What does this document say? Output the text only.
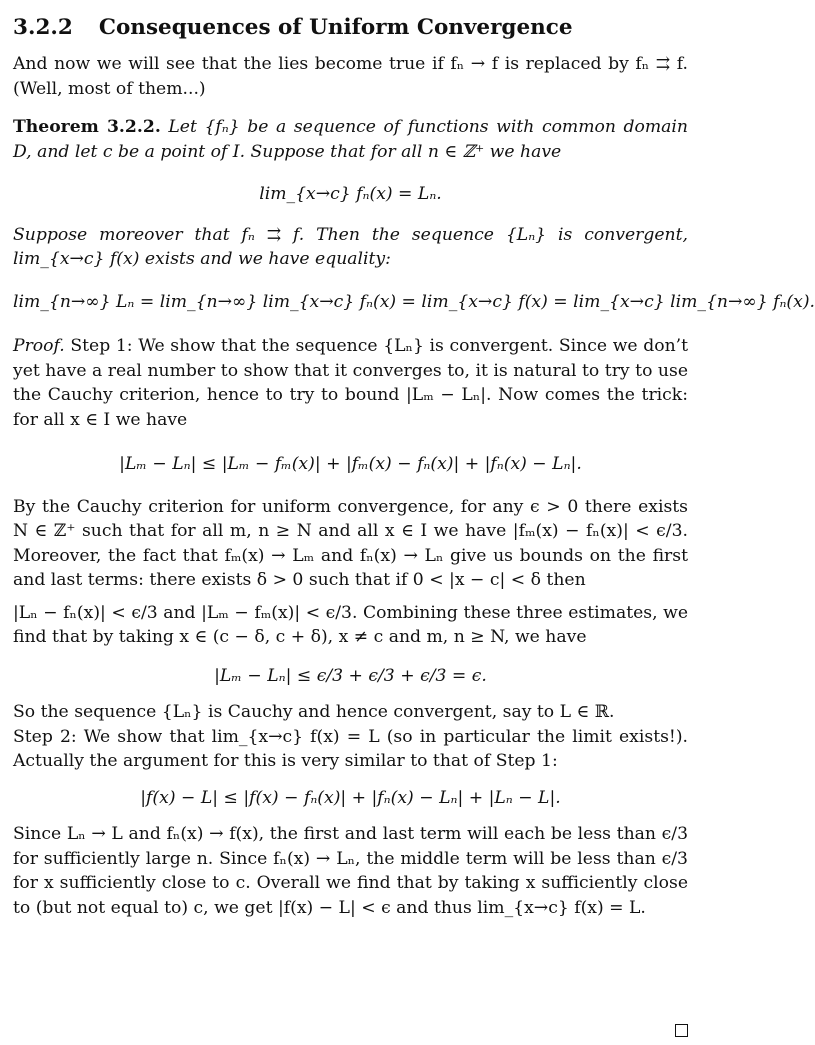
3.2.2 Consequences of Uniform Convergence

And now we will see that the lies become true if fₙ → f is replaced by fₙ ⇉ f. (Well, most of them...)

Theorem 3.2.2. Let {fₙ} be a sequence of functions with common domain D, and let c be a point of I. Suppose that for all n ∈ ℤ⁺ we have

lim_{x→c} fₙ(x) = Lₙ.

Suppose moreover that fₙ ⇉ f. Then the sequence {Lₙ} is convergent, lim_{x→c} f(x) exists and we have equality:

lim_{n→∞} Lₙ = lim_{n→∞} lim_{x→c} fₙ(x) = lim_{x→c} f(x) = lim_{x→c} lim_{n→∞} fₙ(x).

Proof. Step 1: We show that the sequence {Lₙ} is convergent. Since we don’t yet have a real number to show that it converges to, it is natural to try to use the Cauchy criterion, hence to try to bound |Lₘ − Lₙ|. Now comes the trick: for all x ∈ I we have

|Lₘ − Lₙ| ≤ |Lₘ − fₘ(x)| + |fₘ(x) − fₙ(x)| + |fₙ(x) − Lₙ|.

By the Cauchy criterion for uniform convergence, for any ϵ > 0 there exists N ∈ ℤ⁺ such that for all m, n ≥ N and all x ∈ I we have |fₘ(x) − fₙ(x)| < ϵ/3. Moreover, the fact that fₘ(x) → Lₘ and fₙ(x) → Lₙ give us bounds on the first and last terms: there exists δ > 0 such that if 0 < |x − c| < δ then

|Lₙ − fₙ(x)| < ϵ/3 and |Lₘ − fₘ(x)| < ϵ/3. Combining these three estimates, we find that by taking x ∈ (c − δ, c + δ), x ≠ c and m, n ≥ N, we have

|Lₘ − Lₙ| ≤ ϵ/3 + ϵ/3 + ϵ/3 = ϵ.

So the sequence {Lₙ} is Cauchy and hence convergent, say to L ∈ ℝ.

Step 2: We show that lim_{x→c} f(x) = L (so in particular the limit exists!). Actually the argument for this is very similar to that of Step 1:

|f(x) − L| ≤ |f(x) − fₙ(x)| + |fₙ(x) − Lₙ| + |Lₙ − L|.

Since Lₙ → L and fₙ(x) → f(x), the first and last term will each be less than ϵ/3 for sufficiently large n. Since fₙ(x) → Lₙ, the middle term will be less than ϵ/3 for x sufficiently close to c. Overall we find that by taking x sufficiently close to (but not equal to) c, we get |f(x) − L| < ϵ and thus lim_{x→c} f(x) = L.
